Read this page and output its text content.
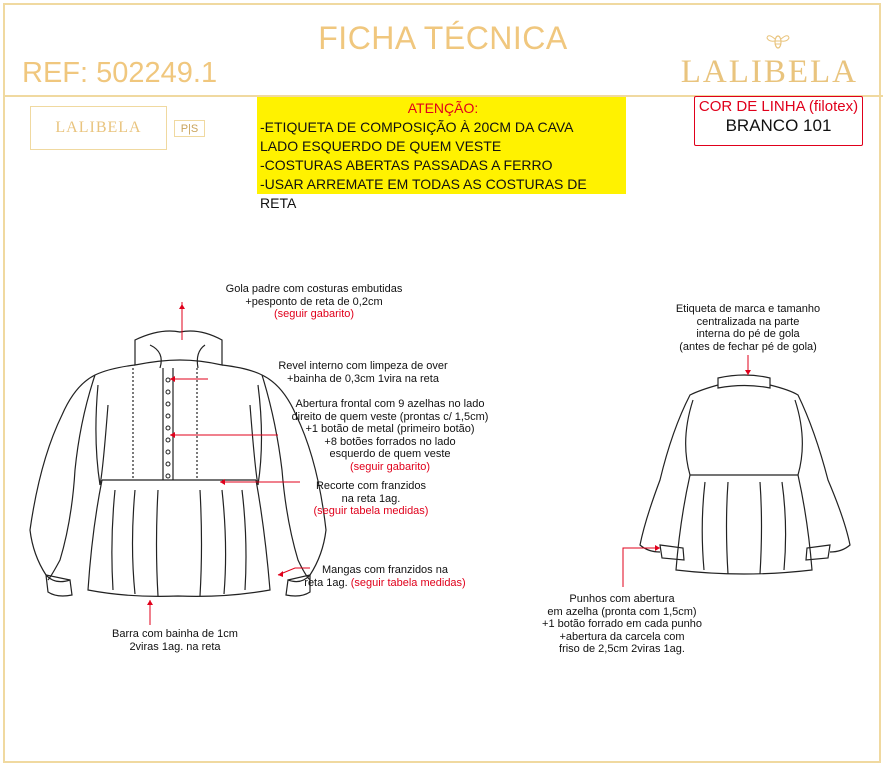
FICHA TÉCNICA
REF: 502249.1	LALIBELA
LALIBELA	P|S
ATENÇÃO:
-ETIQUETA DE COMPOSIÇÃO À 20CM DA CAVA
LADO ESQUERDO DE QUEM VESTE
-COSTURAS ABERTAS PASSADAS A FERRO
-USAR ARREMATE EM TODAS AS COSTURAS DE RETA
COR DE LINHA (filotex)
BRANCO 101
Gola padre com costuras embutidas
+pesponto de reta de 0,2cm
(seguir gabarito)
Revel interno com limpeza de over
+bainha de 0,3cm 1vira na reta
Abertura frontal com 9 azelhas no lado
direito de quem veste (prontas c/ 1,5cm)
+1 botão de metal (primeiro botão)
+8 botões forrados no lado
esquerdo de quem veste
(seguir gabarito)
Recorte com franzidos
na reta 1ag.
(seguir tabela medidas)
Mangas com franzidos na
reta 1ag. (seguir tabela medidas)
Barra com bainha de 1cm
2viras 1ag. na reta
Etiqueta de marca e tamanho
centralizada na parte
interna do pé de gola
(antes de fechar pé de gola)
Punhos com abertura
em azelha (pronta com 1,5cm)
+1 botão forrado em cada punho
+abertura da carcela com
friso de 2,5cm 2viras 1ag.
